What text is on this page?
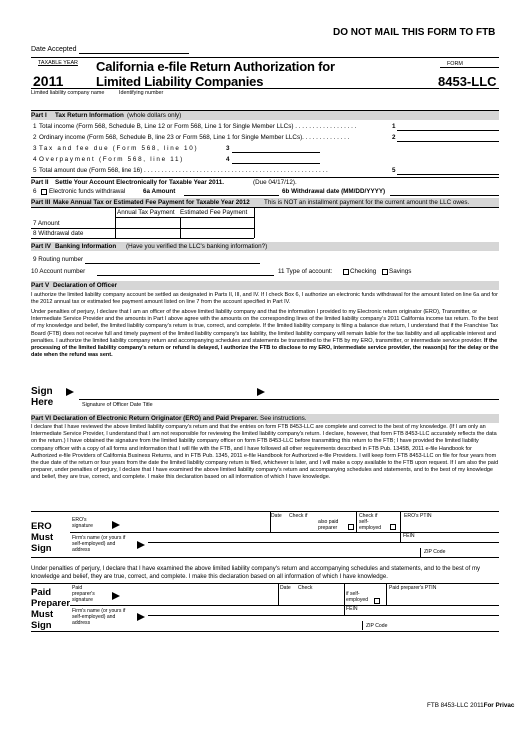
DO NOT MAIL THIS FORM TO FTB
Date Accepted
TAXABLE YEAR
2011
California e-file Return Authorization for
Limited Liability Companies
FORM
8453-LLC
Limited liability company name	Identifying number
Part I Tax Return Information (whole dollars only)
1 Total income (Form 568, Schedule B, Line 12 or Form 568, Line 1 for Single Member LLCs) . . . . . . . . . . . . . . . . . .	1
2 Ordinary income (Form 568, Schedule B, line 23 or Form 568, Line 1 for Single Member LLCs). . . . . . . . . . . . . .	2
3 Tax and fee due (Form 568, line 10)	3
4 Overpayment (Form 568, line 11)	4
5 Total amount due (Form 568, line 16) . . . . . . . . . . . . . . . . . . . . . . . . . . . . . . . . . . . . . . . . . . . . . . . . . . . . .	5
Part II Settle Your Account Electronically for Taxable Year 2011.	(Due 04/17/12).
6 Electronic funds withdrawal	6a Amount	6b Withdrawal date (MM/DD/YYYY)
Part III Make Annual Tax or Estimated Fee Payment for Taxable Year 2012 This is NOT an installment payment for the current amount the LLC owes.
Annual Tax Payment Estimated Fee Payment
7 Amount
8 Withdrawal date
Part IV Banking Information (Have you verified the LLC's banking information?)
9 Routing number
10 Account number	11 Type of account:	Checking Savings
Part V Declaration of Officer
I authorize the limited liability company account be settled as designated in Parts II, III, and IV. If I check Box 6, I authorize an electronic funds withdrawal for the amount listed on line 6a and for the 2012 annual tax or estimated fee payment amount listed on line 7 from the account specified in Part IV.
Under penalties of perjury, I declare that I am an officer of the above limited liability company and that the information I provided to my Electronic return originator (ERO), Transmitter, or Intermediate Service Provider and the amounts in Part I above agree with the amounts on the corresponding lines of the limited liability company's 2011 California income tax return. To the best of my knowledge and belief, the limited liability company's return is true, correct, and complete. If the limited liability company is filing a balance due return, I understand that if the Franchise Tax Board (FTB) does not receive full and timely payment of the limited liability company's tax liability, the limited liability company will remain liable for the tax liability and all applicable interest and penalties. I authorize the limited liability company return and accompanying schedules and statements be transmitted to the FTB by my ERO, transmitter, or intermediate service provider. If the processing of the limited liability company's return or refund is delayed, I authorize the FTB to disclose to my ERO, intermediate service provider, the reason(s) for the delay or the date when the refund was sent.
Sign
Here	Signature of Officer Date Title
Part VI Declaration of Electronic Return Originator (ERO) and Paid Preparer. See instructions.
I declare that I have reviewed the above limited liability company's return and that the entries on form FTB 8453-LLC are complete and correct to the best of my knowledge. (If I am only an Intermediate Service Provider, I understand that I am not responsible for reviewing the limited liability company's return. I declare, however, that form FTB 8453-LLC accurately reflects the data on the return.) I have obtained the signature from the limited liability company officer on form FTB 8453-LLC before transmitting this return to the FTB; I have provided the limited liability company officer with a copy of all forms and information that I will file with the FTB, and I have followed all other requirements described in FTB Pub. 1345B, 2011 e-file Handbook for Authorized e-file Providers of California Business Returns, and in FTB Pub. 1345, 2011 e-file Handbook for Authorized e-file Providers. I will keep form FTB 8453-LLC on file for four years from the due date of the return or four years from the date the limited liability company return is filed, whichever is later, and I will make a copy available to the FTB upon request. If I am also the paid preparer, under penalties of perjury, I declare that I have examined the above limited liability company's return and accompanying schedules and statements, and to the best of my knowledge and belief, they are true, correct, and complete. I make this declaration based on all information of which I have knowledge.
ERO
Must
Sign
ERO's signature
Date Check if
also paid preparer
Check if self-employed
ERO's PTIN
Firm's name (or yours if self-employed) and address
FEIN
ZIP Code
Under penalties of perjury, I declare that I have examined the above limited liability company's return and accompanying schedules and statements, and to the best of my knowledge and belief, they are true, correct, and complete. I make this declaration based on all information of which I have knowledge.
Paid
Preparer
Must
Sign
Paid preparer's signature
Date Check
if self-employed
Paid preparer's PTIN
Firm's name (or yours if self-employed) and address
FEIN
ZIP Code
FTB 8453-LLC 2011For Privac
